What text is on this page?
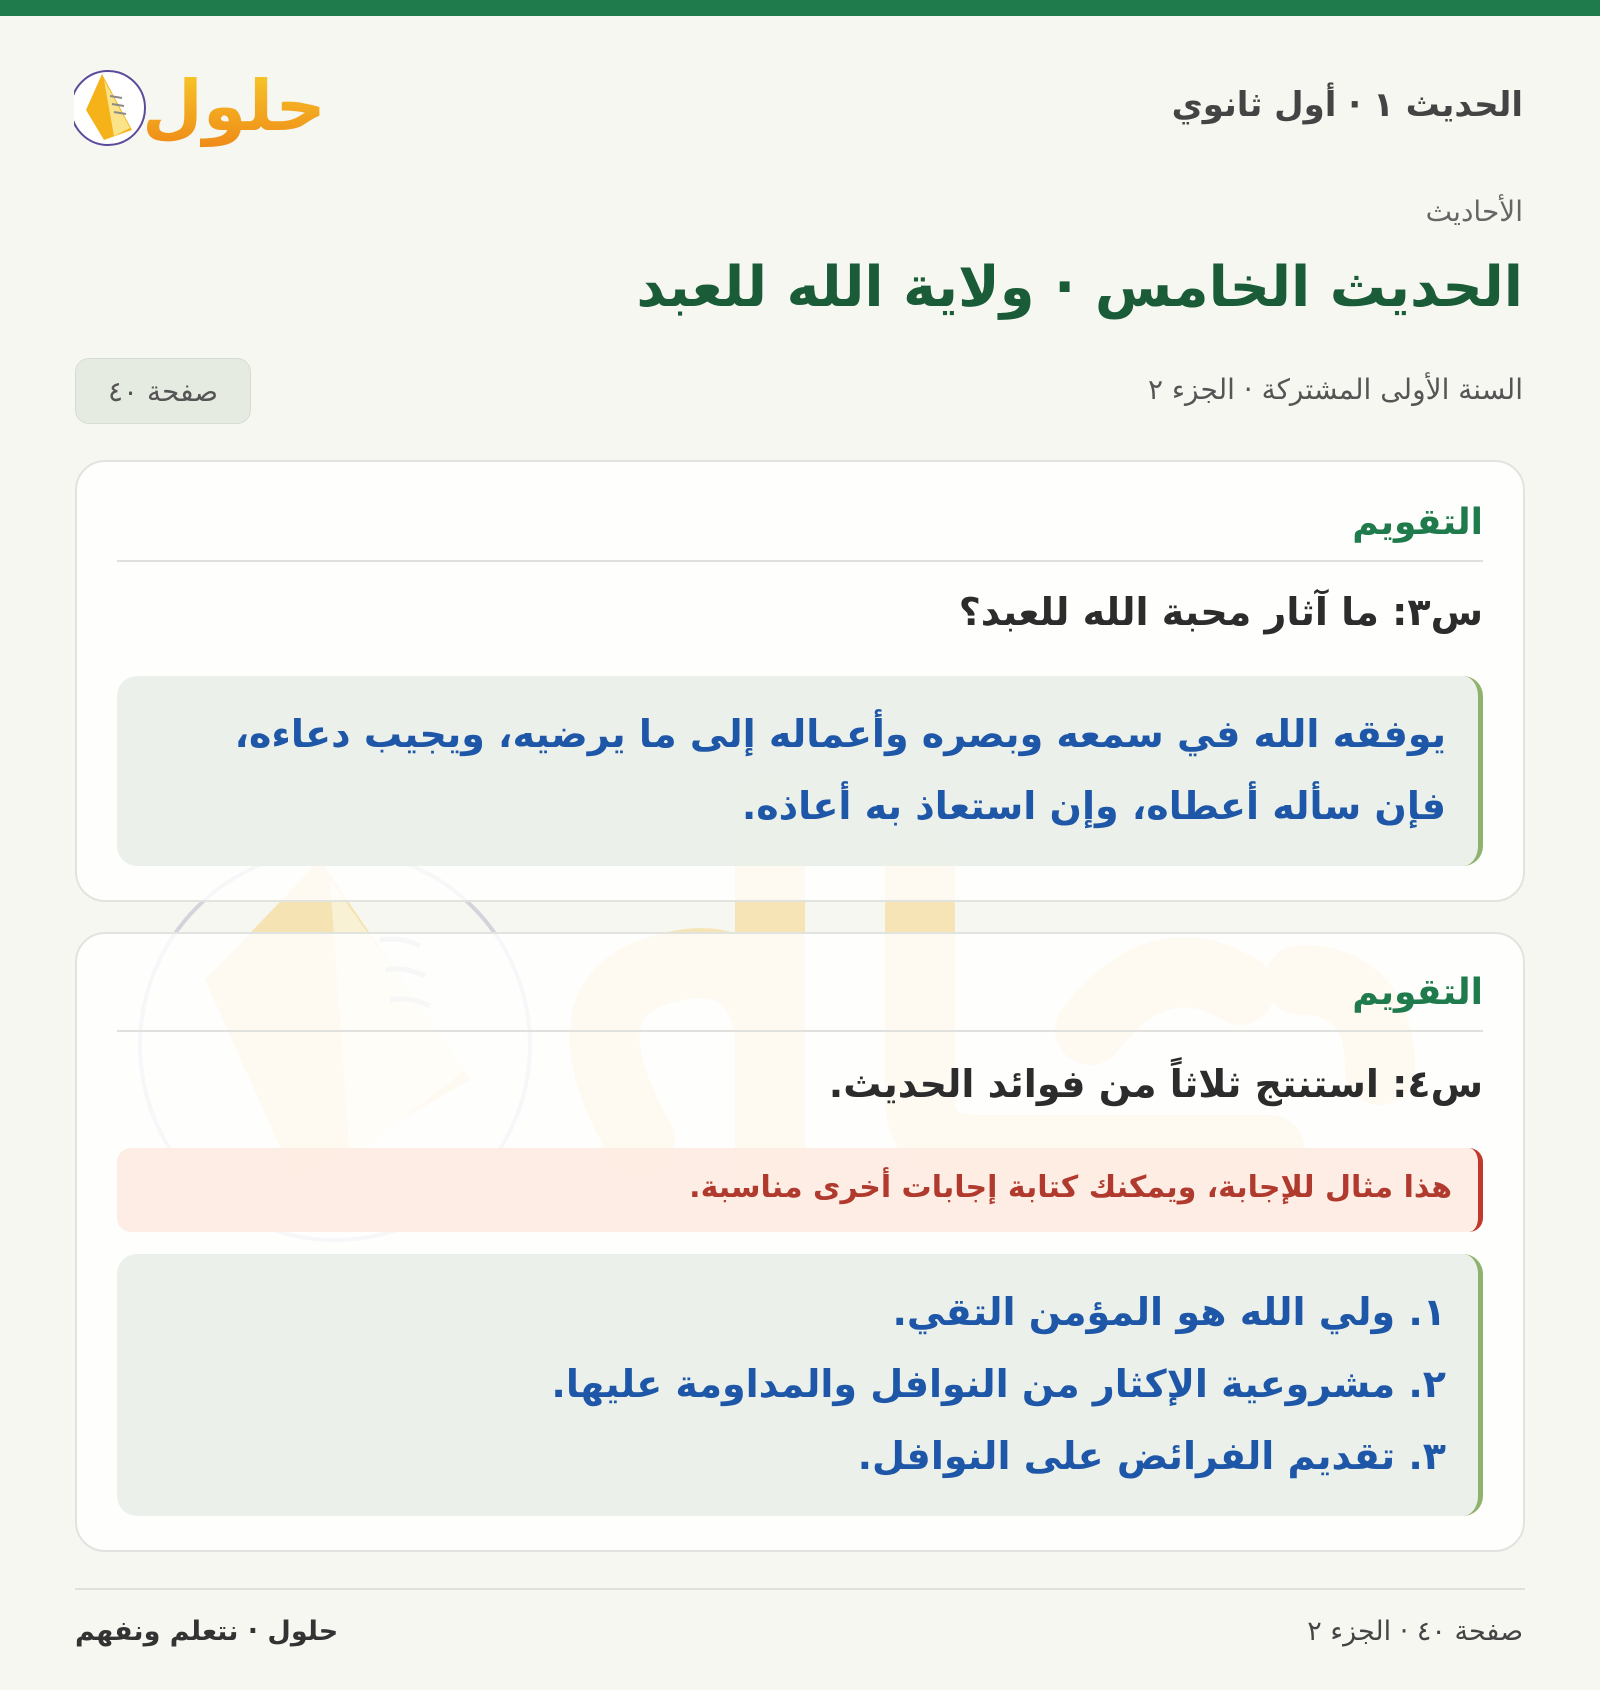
الحديث ١ · أول ثانوي
حلول
الأحاديث
الحديث الخامس · ولاية الله للعبد
السنة الأولى المشتركة · الجزء ٢
صفحة ٤٠
التقويم
س٣: ما آثار محبة الله للعبد؟
يوفقه الله في سمعه وبصره وأعماله إلى ما يرضيه، ويجيب دعاءه،
فإن سأله أعطاه، وإن استعاذ به أعاذه.
التقويم
س٤: استنتج ثلاثاً من فوائد الحديث.
هذا مثال للإجابة، ويمكنك كتابة إجابات أخرى مناسبة.
١. ولي الله هو المؤمن التقي.
٢. مشروعية الإكثار من النوافل والمداومة عليها.
٣. تقديم الفرائض على النوافل.
صفحة ٤٠ · الجزء ٢
حلول · نتعلم ونفهم
